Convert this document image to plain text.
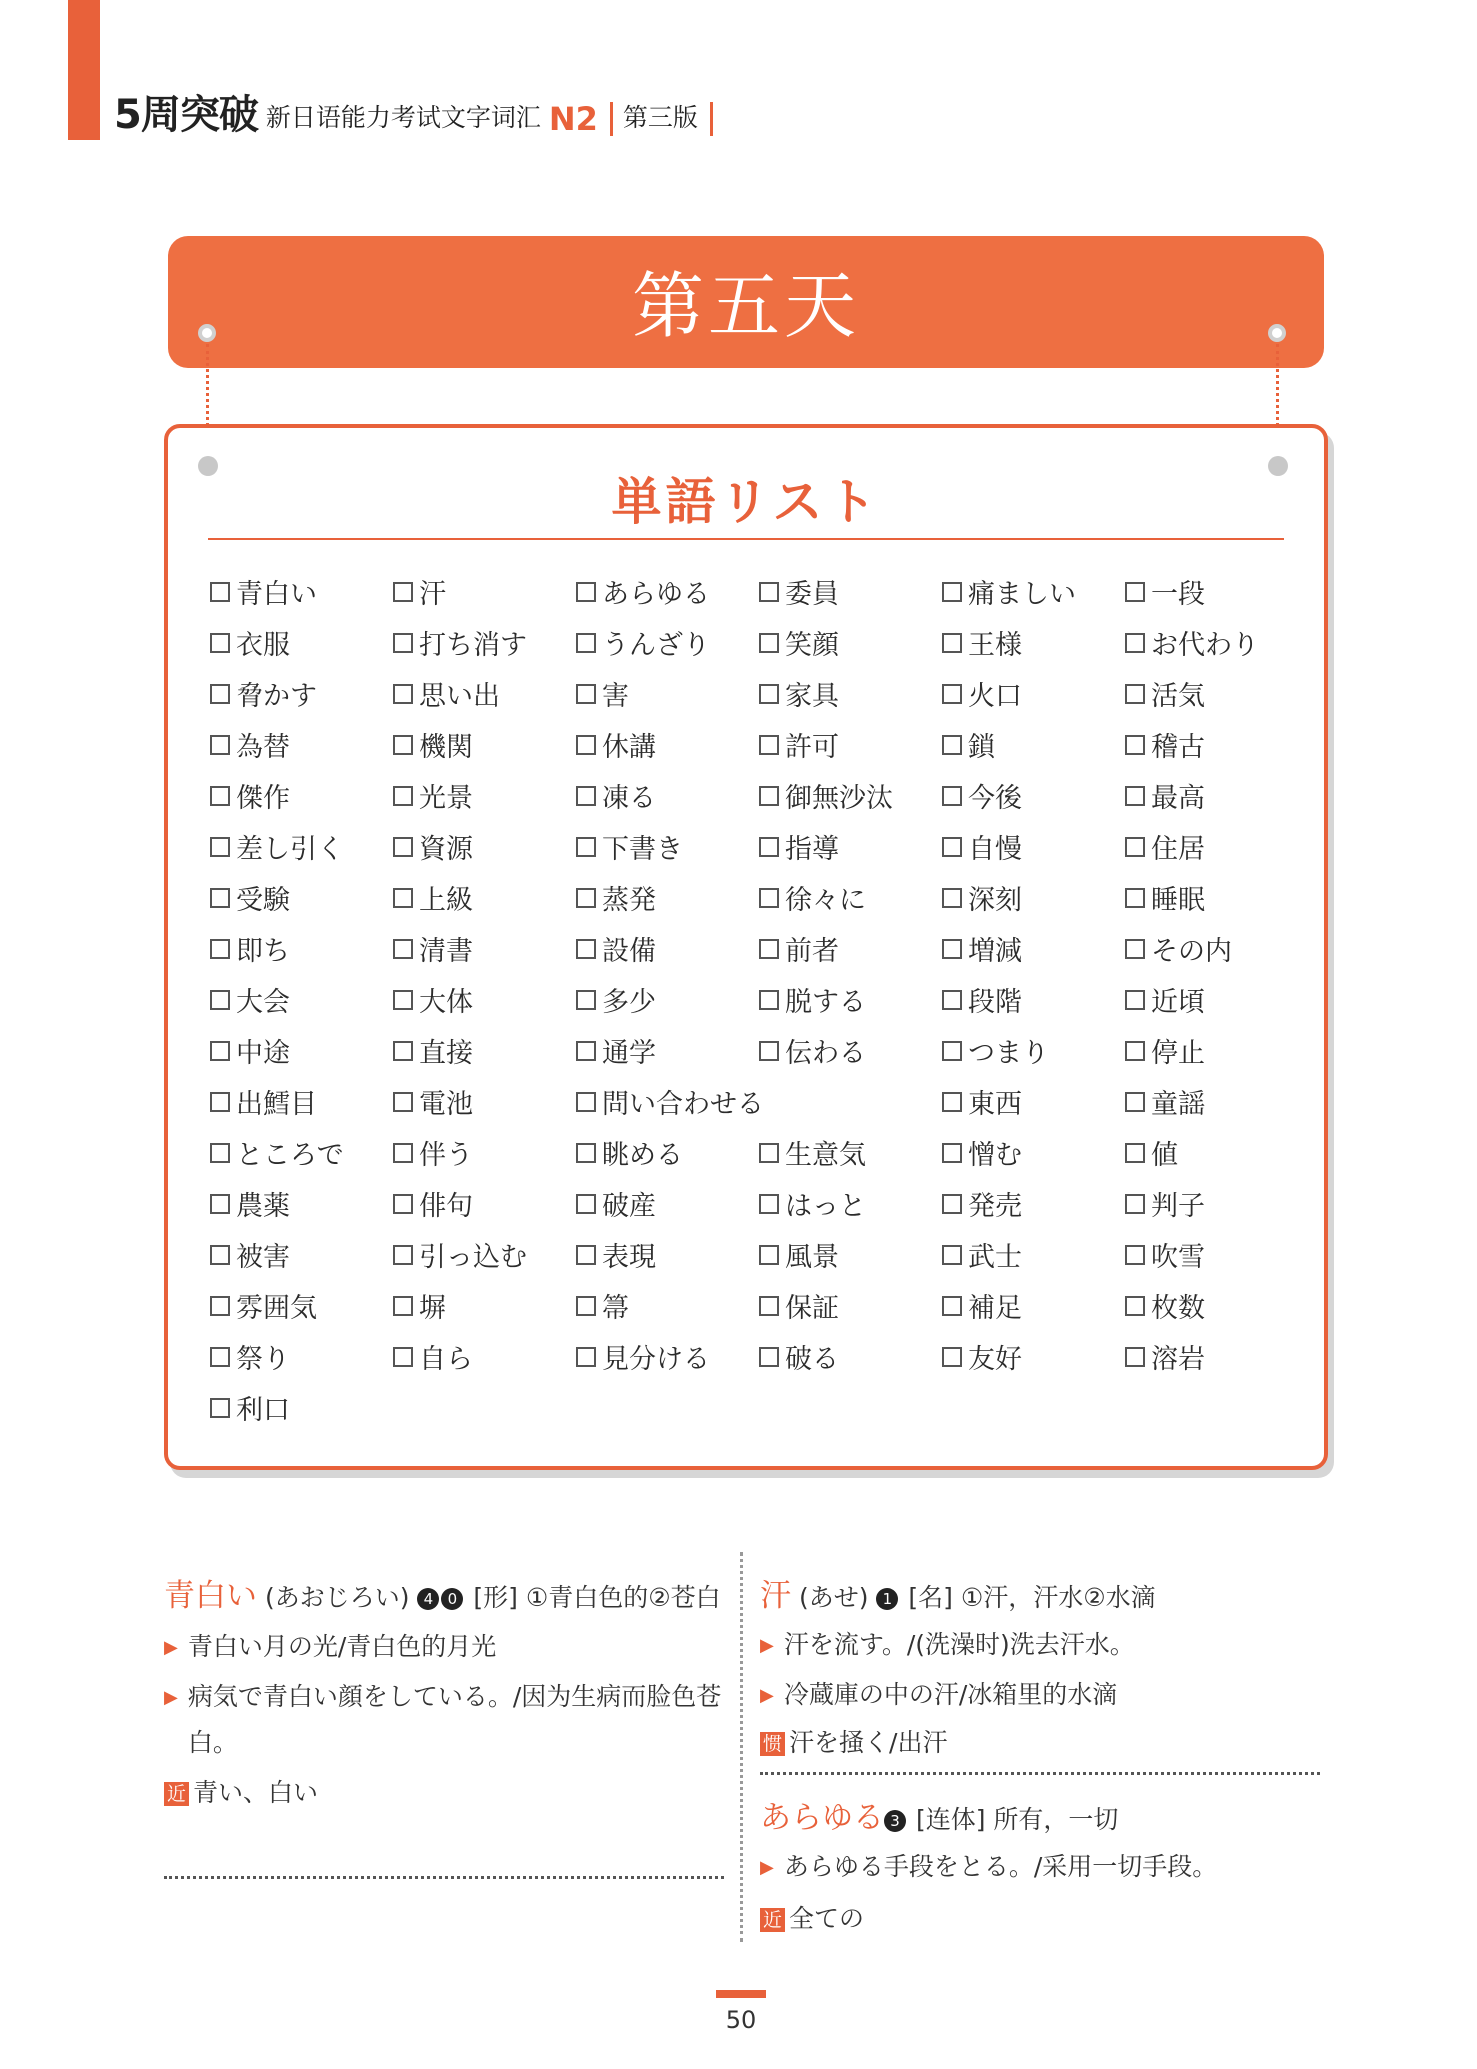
5周突破 新日语能力考试文字词汇 N2 第三版
第五天
単語リスト
青白い	汗	あらゆる	委員	痛ましい	一段
衣服	打ち消す	うんざり	笑顔	王様	お代わり
脅かす	思い出	害	家具	火口	活気
為替	機関	休講	許可	鎖	稽古
傑作	光景	凍る	御無沙汰	今後	最高
差し引く	資源	下書き	指導	自慢	住居
受験	上級	蒸発	徐々に	深刻	睡眠
即ち	清書	設備	前者	増減	その内
大会	大体	多少	脱する	段階	近頃
中途	直接	通学	伝わる	つまり	停止
出鱈目	電池	問い合わせる	東西	童謡
ところで	伴う	眺める	生意気	憎む	値
農薬	俳句	破産	はっと	発売	判子
被害	引っ込む	表現	風景	武士	吹雪
雰囲気	塀	箒	保証	補足	枚数
祭り	自ら	見分ける	破る	友好	溶岩
利口
青白い (あおじろい) 4 0 [形] ①青白色的②苍白
▶ 青白い月の光/青白色的月光
▶ 病気で青白い顔をしている。/因为生病而脸色苍白。
近 青い、白い
汗 (あせ) 1 [名] ①汗，汗水②水滴
▶ 汗を流す。/(洗澡时)洗去汗水。
▶ 冷蔵庫の中の汗/冰箱里的水滴
惯 汗を掻く/出汗
あらゆる 3 [连体] 所有，一切
▶ あらゆる手段をとる。/采用一切手段。
近 全ての
50
